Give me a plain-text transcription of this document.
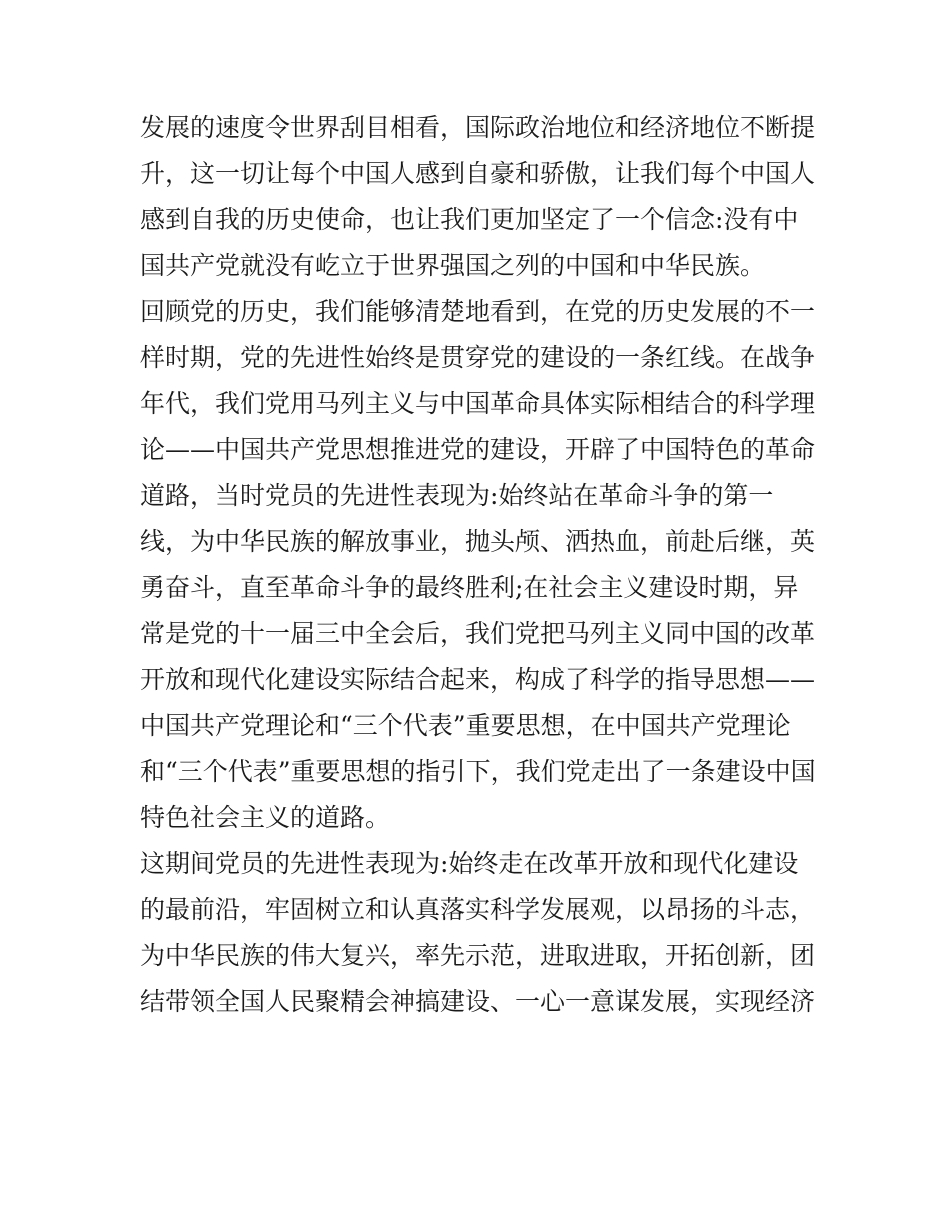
发展的速度令世界刮目相看，国际政治地位和经济地位不断提
升，这一切让每个中国人感到自豪和骄傲，让我们每个中国人
感到自我的历史使命，也让我们更加坚定了一个信念:没有中
国共产党就没有屹立于世界强国之列的中国和中华民族。
回顾党的历史，我们能够清楚地看到，在党的历史发展的不一
样时期，党的先进性始终是贯穿党的建设的一条红线。在战争
年代，我们党用马列主义与中国革命具体实际相结合的科学理
论——中国共产党思想推进党的建设，开辟了中国特色的革命
道路，当时党员的先进性表现为:始终站在革命斗争的第一
线，为中华民族的解放事业，抛头颅、洒热血，前赴后继，英
勇奋斗，直至革命斗争的最终胜利;在社会主义建设时期，异
常是党的十一届三中全会后，我们党把马列主义同中国的改革
开放和现代化建设实际结合起来，构成了科学的指导思想——
中国共产党理论和“三个代表”重要思想，在中国共产党理论
和“三个代表”重要思想的指引下，我们党走出了一条建设中国
特色社会主义的道路。
这期间党员的先进性表现为:始终走在改革开放和现代化建设
的最前沿，牢固树立和认真落实科学发展观，以昂扬的斗志，
为中华民族的伟大复兴，率先示范，进取进取，开拓创新，团
结带领全国人民聚精会神搞建设、一心一意谋发展，实现经济
